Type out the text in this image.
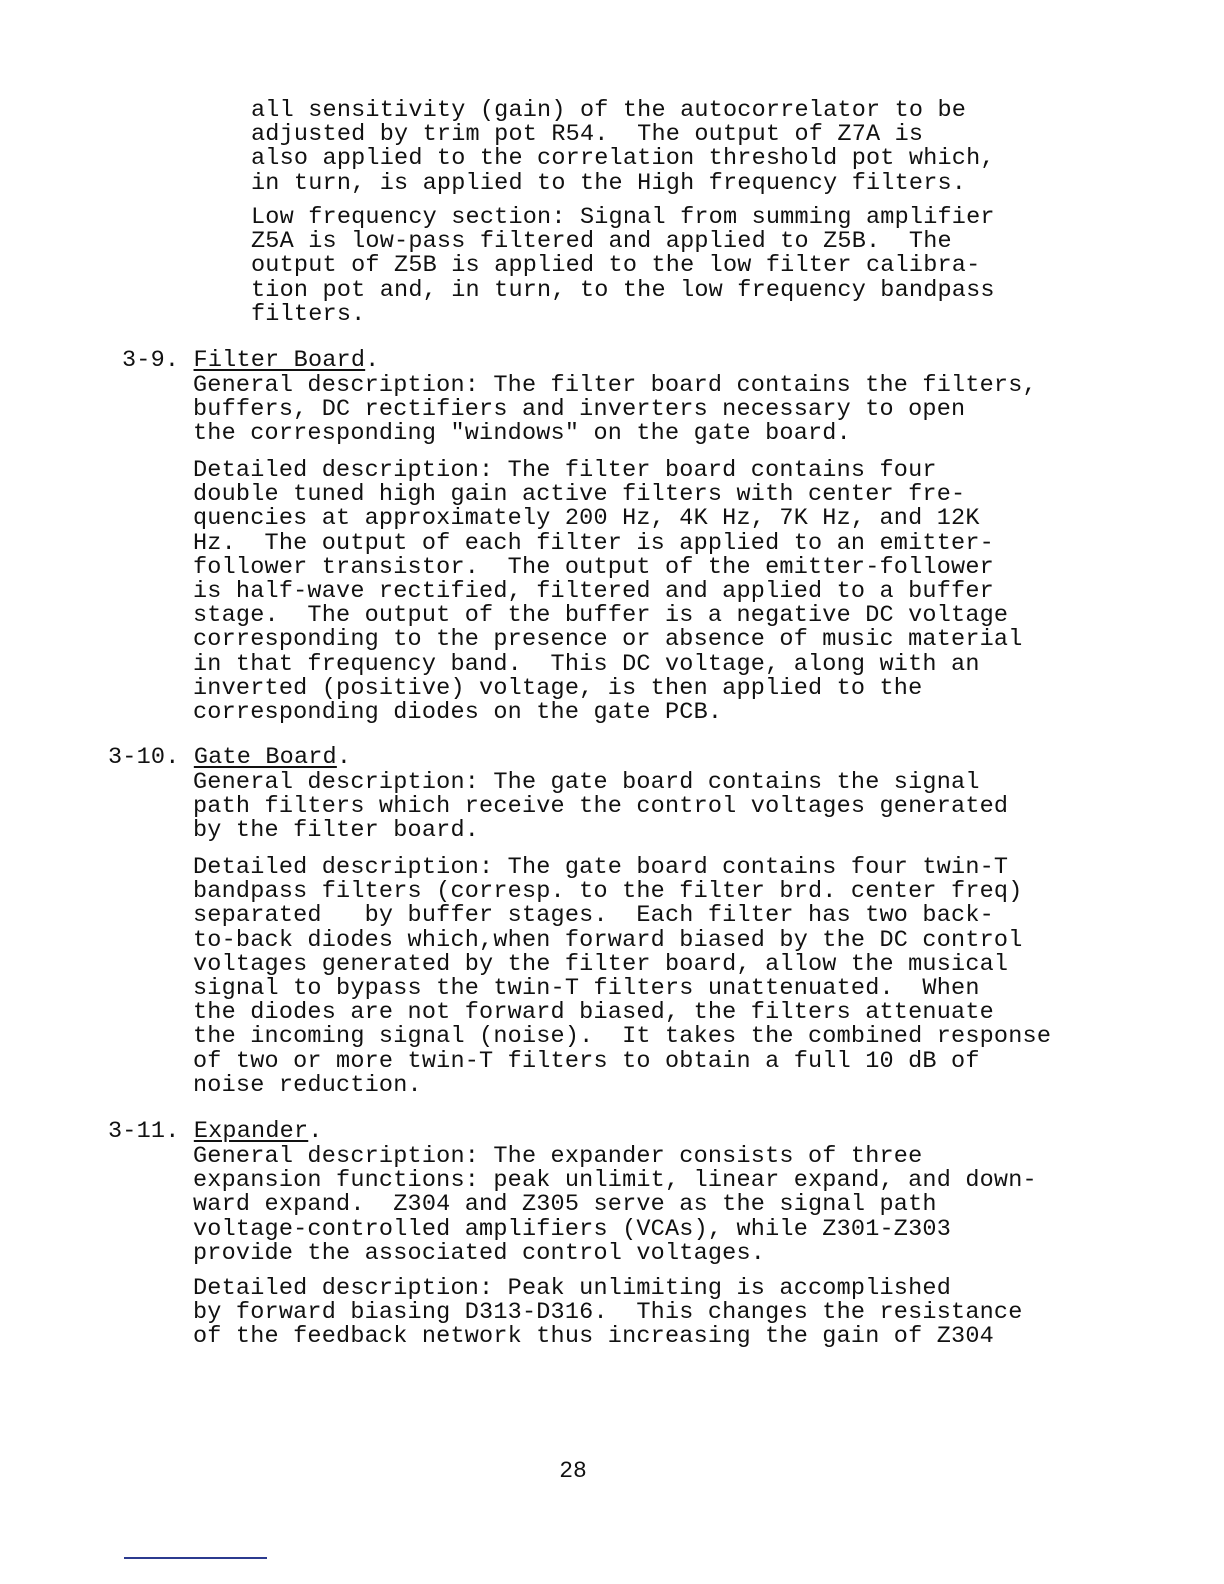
all sensitivity (gain) of the autocorrelator to be
adjusted by trim pot R54.  The output of Z7A is
also applied to the correlation threshold pot which,
in turn, is applied to the High frequency filters.

Low frequency section: Signal from summing amplifier
Z5A is low-pass filtered and applied to Z5B.  The
output of Z5B is applied to the low filter calibra-
tion pot and, in turn, to the low frequency bandpass
filters.

3-9. Filter Board.

General description: The filter board contains the filters,
buffers, DC rectifiers and inverters necessary to open
the corresponding "windows" on the gate board.

Detailed description: The filter board contains four
double tuned high gain active filters with center fre-
quencies at approximately 200 Hz, 4K Hz, 7K Hz, and 12K
Hz.  The output of each filter is applied to an emitter-
follower transistor.  The output of the emitter-follower
is half-wave rectified, filtered and applied to a buffer
stage.  The output of the buffer is a negative DC voltage
corresponding to the presence or absence of music material
in that frequency band.  This DC voltage, along with an
inverted (positive) voltage, is then applied to the
corresponding diodes on the gate PCB.

3-10. Gate Board.

General description: The gate board contains the signal
path filters which receive the control voltages generated
by the filter board.

Detailed description: The gate board contains four twin-T
bandpass filters (corresp. to the filter brd. center freq)
separated   by buffer stages.  Each filter has two back-
to-back diodes which,when forward biased by the DC control
voltages generated by the filter board, allow the musical
signal to bypass the twin-T filters unattenuated.  When
the diodes are not forward biased, the filters attenuate
the incoming signal (noise).  It takes the combined response
of two or more twin-T filters to obtain a full 10 dB of
noise reduction.

3-11. Expander.

General description: The expander consists of three
expansion functions: peak unlimit, linear expand, and down-
ward expand.  Z304 and Z305 serve as the signal path
voltage-controlled amplifiers (VCAs), while Z301-Z303
provide the associated control voltages.

Detailed description: Peak unlimiting is accomplished
by forward biasing D313-D316.  This changes the resistance
of the feedback network thus increasing the gain of Z304

28
